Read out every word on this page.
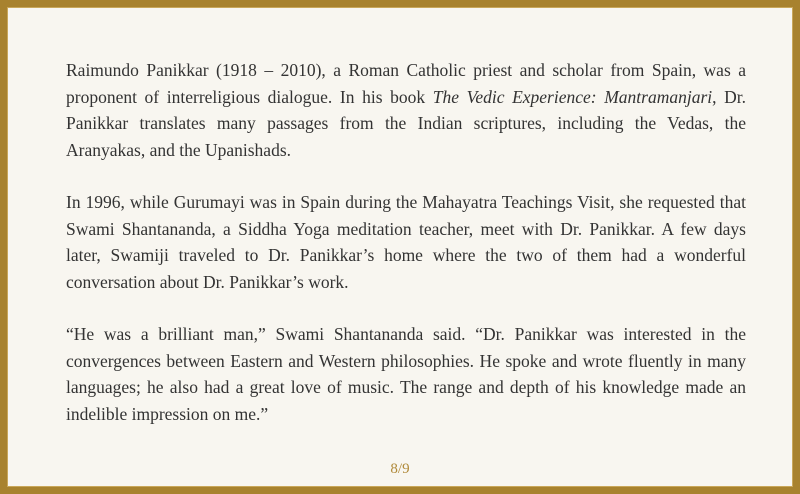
Raimundo Panikkar (1918 – 2010), a Roman Catholic priest and scholar from Spain, was a proponent of interreligious dialogue. In his book The Vedic Experience: Mantramanjari, Dr. Panikkar translates many passages from the Indian scriptures, including the Vedas, the Aranyakas, and the Upanishads.

In 1996, while Gurumayi was in Spain during the Mahayatra Teachings Visit, she requested that Swami Shantananda, a Siddha Yoga meditation teacher, meet with Dr. Panikkar. A few days later, Swamiji traveled to Dr. Panikkar’s home where the two of them had a wonderful conversation about Dr. Panikkar’s work.

“He was a brilliant man,” Swami Shantananda said. “Dr. Panikkar was interested in the convergences between Eastern and Western philosophies. He spoke and wrote fluently in many languages; he also had a great love of music. The range and depth of his knowledge made an indelible impression on me.”

8/9
